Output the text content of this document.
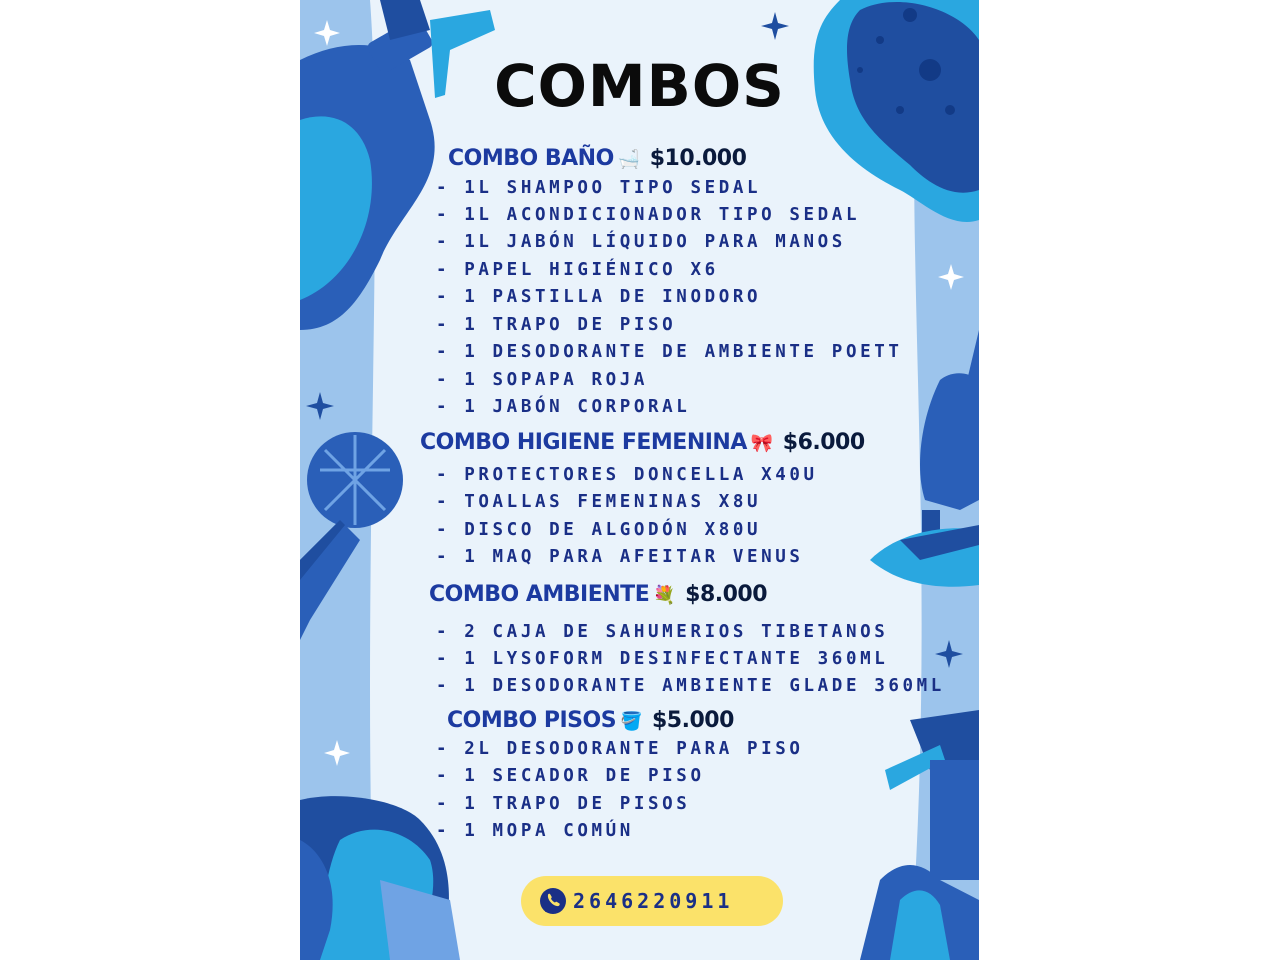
COMBOS
COMBO BAÑO 🛁 $10.000
- 1L SHAMPOO TIPO SEDAL
- 1L ACONDICIONADOR TIPO SEDAL
- 1L JABÓN LÍQUIDO PARA MANOS
- PAPEL HIGIÉNICO X6
- 1 PASTILLA DE INODORO
- 1 TRAPO DE PISO
- 1 DESODORANTE DE AMBIENTE POETT
- 1 SOPAPA ROJA
- 1 JABÓN CORPORAL
COMBO HIGIENE FEMENINA 🎀 $6.000
- PROTECTORES DONCELLA X40U
- TOALLAS FEMENINAS X8U
- DISCO DE ALGODÓN X80U
- 1 MAQ PARA AFEITAR VENUS
COMBO AMBIENTE 💐 $8.000
- 2 CAJA DE SAHUMERIOS TIBETANOS
- 1 LYSOFORM DESINFECTANTE 360ML
- 1 DESODORANTE AMBIENTE GLADE 360ML
COMBO PISOS 🪣 $5.000
- 2L DESODORANTE PARA PISO
- 1 SECADOR DE PISO
- 1 TRAPO DE PISOS
- 1 MOPA COMÚN
2646220911
